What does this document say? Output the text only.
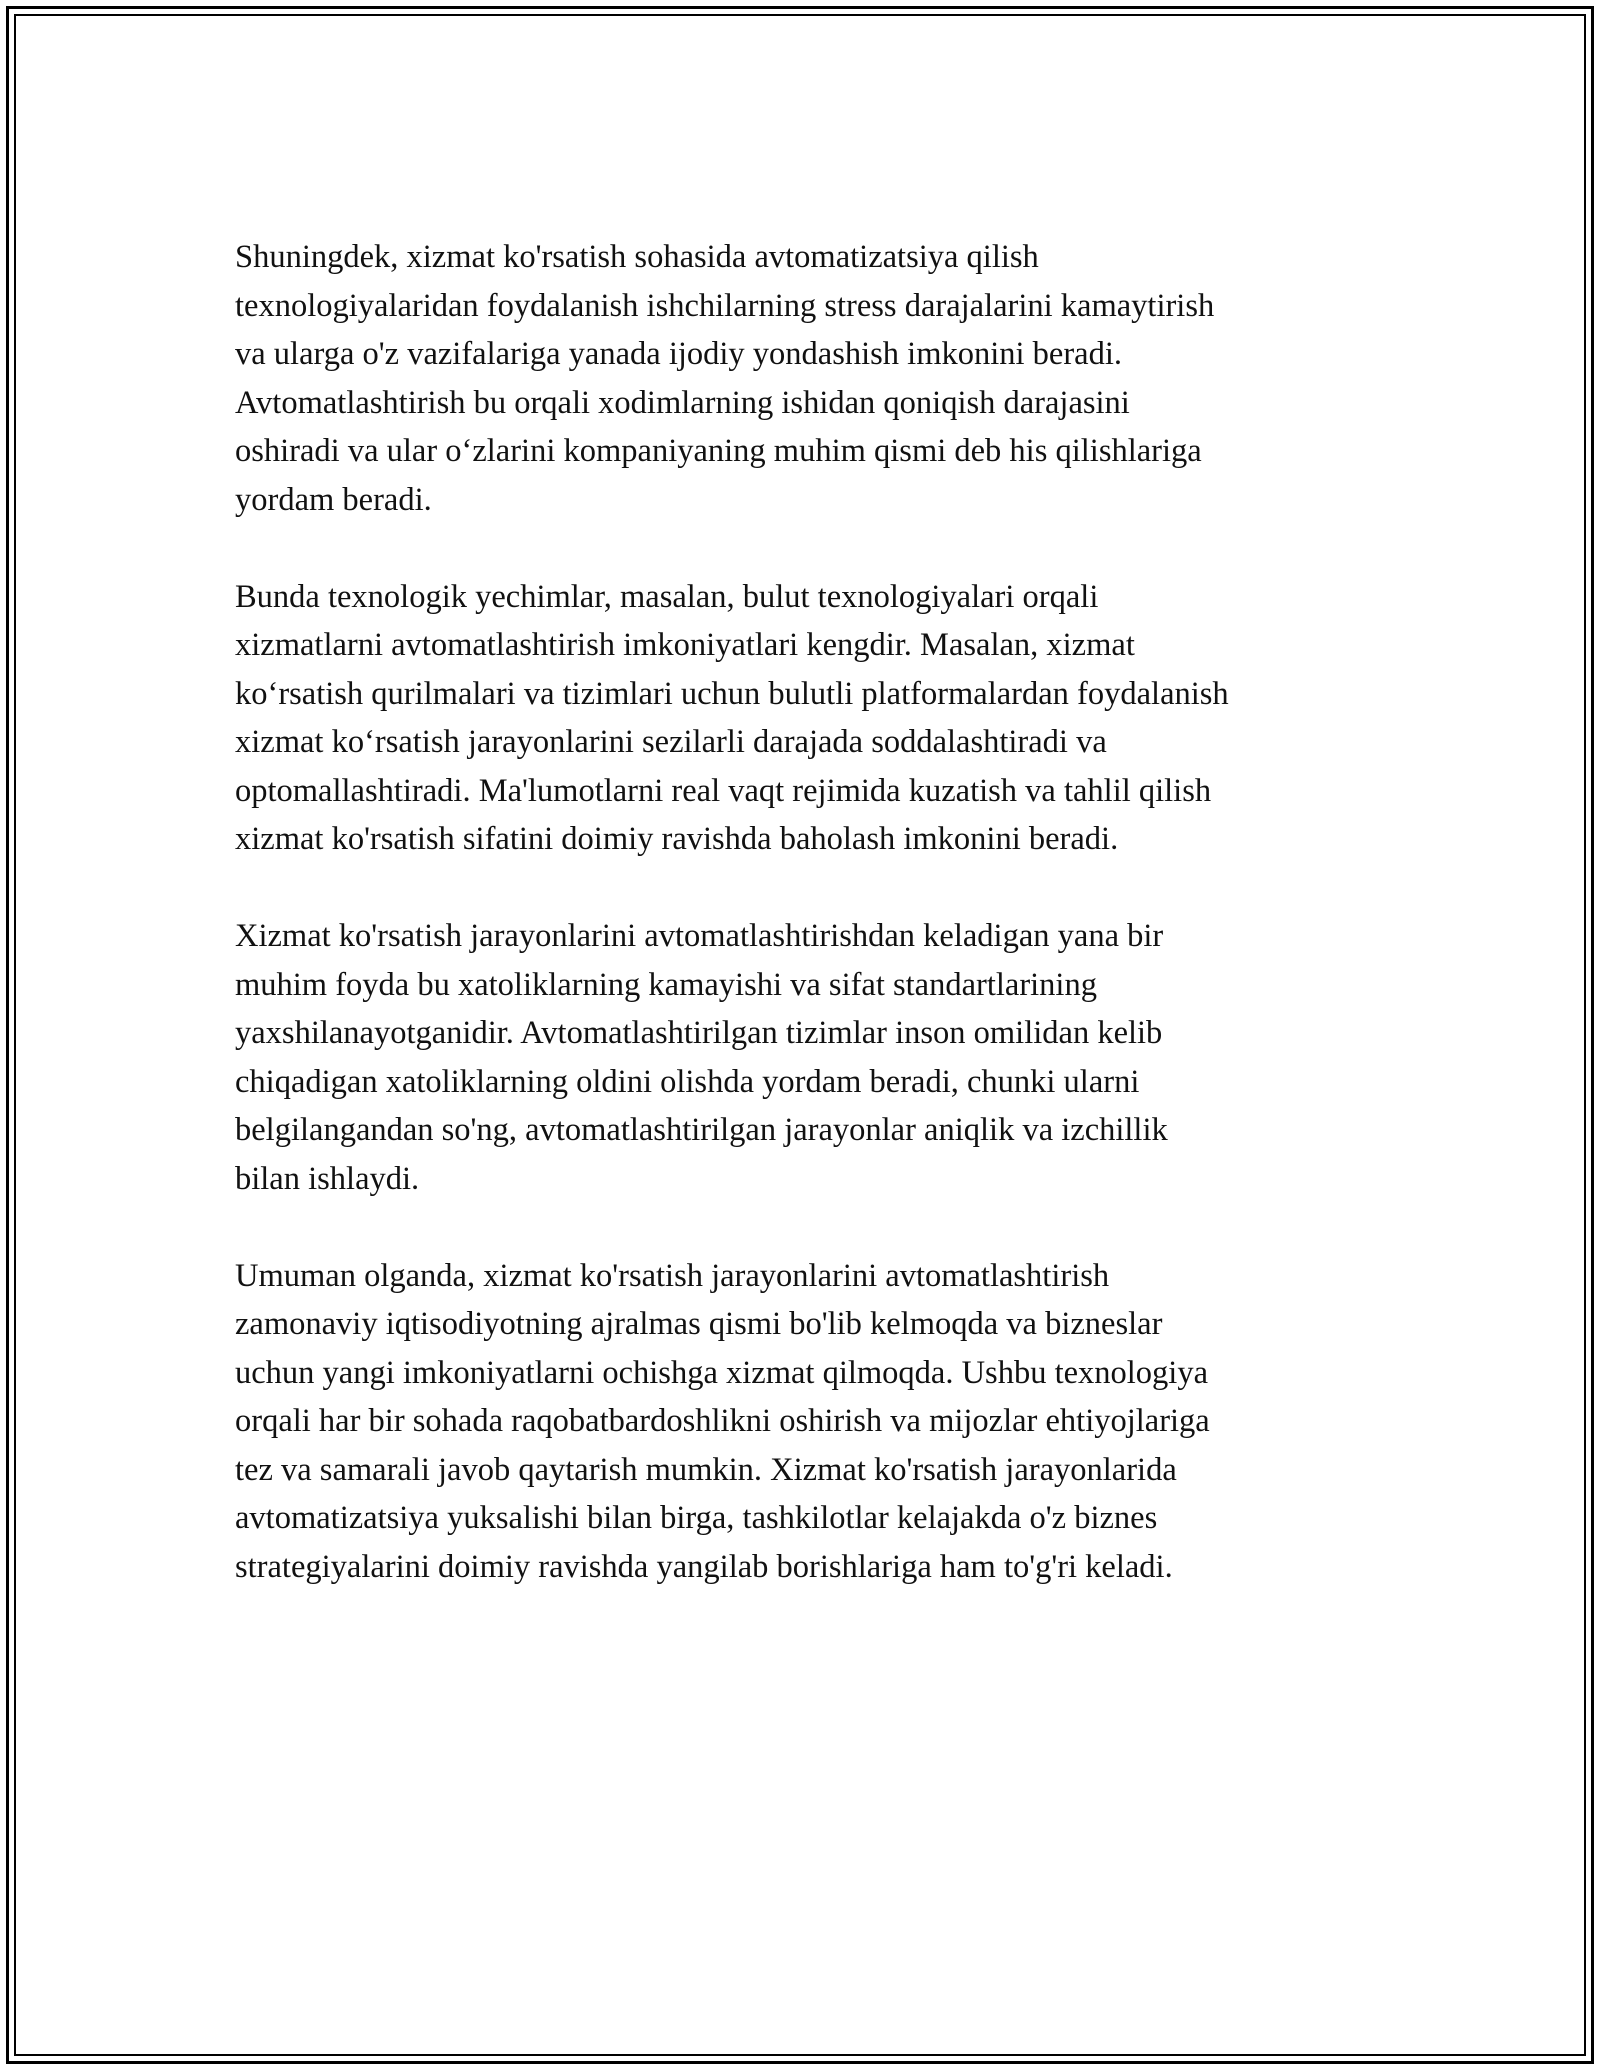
Shuningdek, xizmat ko'rsatish sohasida avtomatizatsiya qilish
texnologiyalaridan foydalanish ishchilarning stress darajalarini kamaytirish
va ularga o'z vazifalariga yanada ijodiy yondashish imkonini beradi.
Avtomatlashtirish bu orqali xodimlarning ishidan qoniqish darajasini
oshiradi va ular oʻzlarini kompaniyaning muhim qismi deb his qilishlariga
yordam beradi.

Bunda texnologik yechimlar, masalan, bulut texnologiyalari orqali
xizmatlarni avtomatlashtirish imkoniyatlari kengdir. Masalan, xizmat
koʻrsatish qurilmalari va tizimlari uchun bulutli platformalardan foydalanish
xizmat koʻrsatish jarayonlarini sezilarli darajada soddalashtiradi va
optomallashtiradi. Ma'lumotlarni real vaqt rejimida kuzatish va tahlil qilish
xizmat ko'rsatish sifatini doimiy ravishda baholash imkonini beradi.

Xizmat ko'rsatish jarayonlarini avtomatlashtirishdan keladigan yana bir
muhim foyda bu xatoliklarning kamayishi va sifat standartlarining
yaxshilanayotganidir. Avtomatlashtirilgan tizimlar inson omilidan kelib
chiqadigan xatoliklarning oldini olishda yordam beradi, chunki ularni
belgilangandan so'ng, avtomatlashtirilgan jarayonlar aniqlik va izchillik
bilan ishlaydi.

Umuman olganda, xizmat ko'rsatish jarayonlarini avtomatlashtirish
zamonaviy iqtisodiyotning ajralmas qismi bo'lib kelmoqda va bizneslar
uchun yangi imkoniyatlarni ochishga xizmat qilmoqda. Ushbu texnologiya
orqali har bir sohada raqobatbardoshlikni oshirish va mijozlar ehtiyojlariga
tez va samarali javob qaytarish mumkin. Xizmat ko'rsatish jarayonlarida
avtomatizatsiya yuksalishi bilan birga, tashkilotlar kelajakda o'z biznes
strategiyalarini doimiy ravishda yangilab borishlariga ham to'g'ri keladi.
